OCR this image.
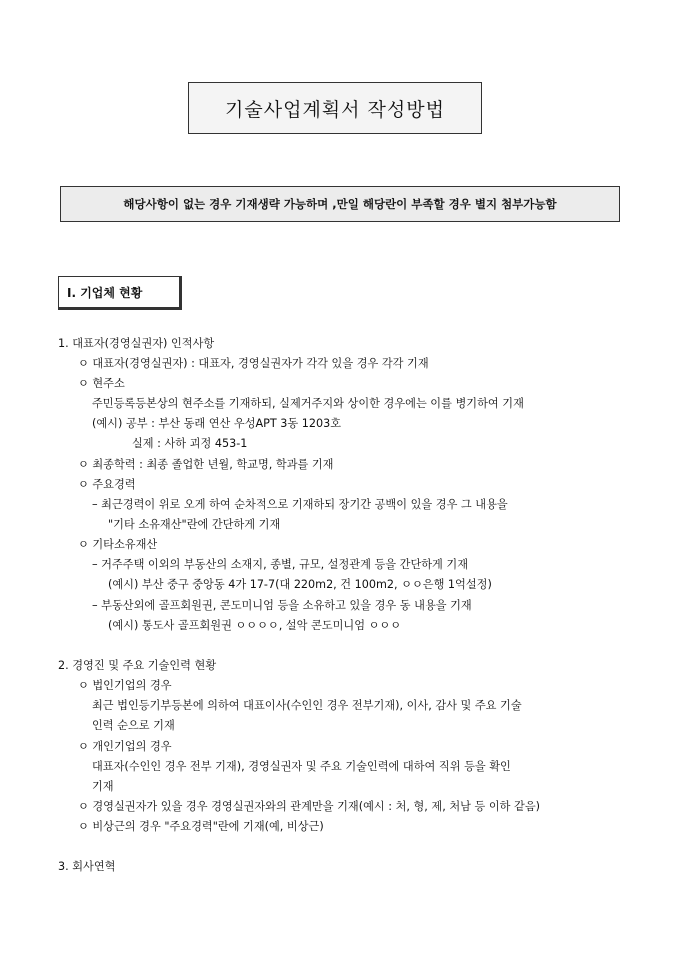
기술사업계획서 작성방법
해당사항이 없는 경우 기재생략 가능하며 ,만일 해당란이 부족할 경우 별지 첨부가능함
Ⅰ. 기업체 현황
1. 대표자(경영실권자) 인적사항
ㅇ 대표자(경영실권자) : 대표자, 경영실권자가 각각 있을 경우 각각 기재
ㅇ 현주소
주민등록등본상의 현주소를 기재하되, 실제거주지와 상이한 경우에는 이를 병기하여 기재
(예시) 공부 : 부산 동래 연산 우성APT 3동 1203호
실제 : 사하 괴정 453-1
ㅇ 최종학력 : 최종 졸업한 년월, 학교명, 학과를 기재
ㅇ 주요경력
– 최근경력이 위로 오게 하여 순차적으로 기재하되 장기간 공백이 있을 경우 그 내용을
"기타 소유재산"란에 간단하게 기재
ㅇ 기타소유재산
– 거주주택 이외의 부동산의 소재지, 종별, 규모, 설정관계 등을 간단하게 기재
(예시) 부산 중구 중앙동 4가 17-7(대 220m2, 건 100m2, ㅇㅇ은행 1억설정)
– 부동산외에 골프회원권, 콘도미니엄 등을 소유하고 있을 경우 동 내용을 기재
(예시) 통도사 골프회원권 ㅇㅇㅇㅇ, 설악 콘도미니엄 ㅇㅇㅇ
2. 경영진 및 주요 기술인력 현황
ㅇ 법인기업의 경우
최근 법인등기부등본에 의하여 대표이사(수인인 경우 전부기재), 이사, 감사 및 주요 기술
인력 순으로 기재
ㅇ 개인기업의 경우
대표자(수인인 경우 전부 기재), 경영실권자 및 주요 기술인력에 대하여 직위 등을 확인
기재
ㅇ 경영실권자가 있을 경우 경영실권자와의 관계만을 기재(예시 : 처, 형, 제, 처남 등 이하 같음)
ㅇ 비상근의 경우 "주요경력"란에 기재(예, 비상근)
3. 회사연혁
